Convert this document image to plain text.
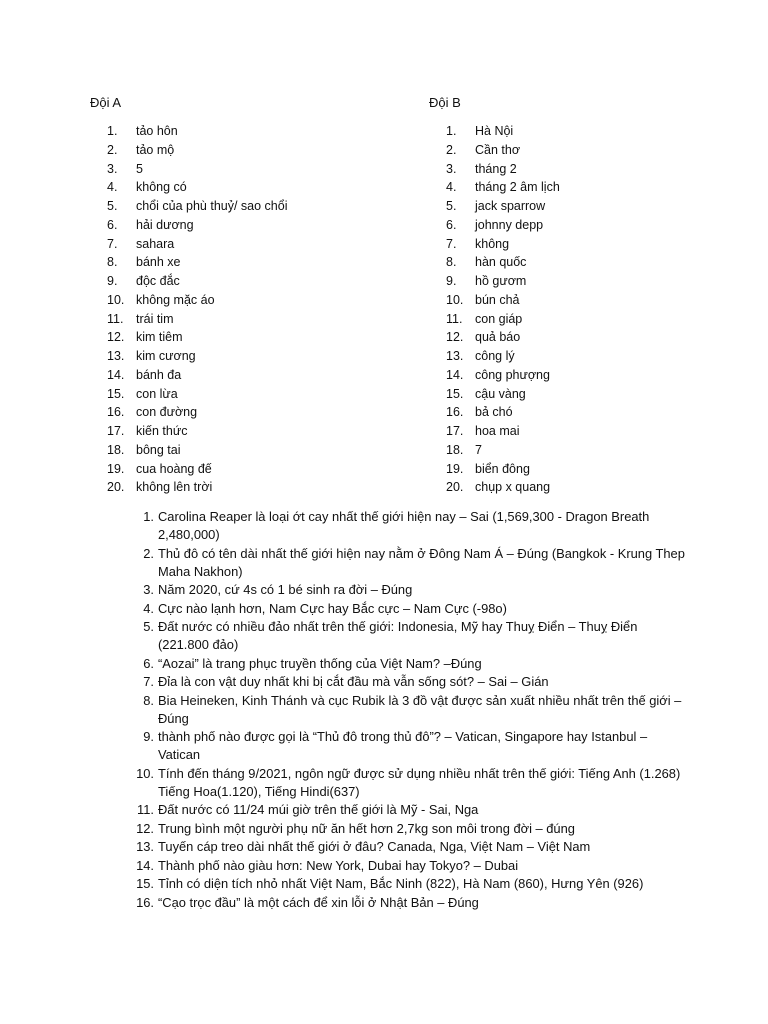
Đội A	Đội B
1. tảo hôn
2. tảo mộ
3. 5
4. không có
5. chổi của phù thuỷ/ sao chổi
6. hải dương
7. sahara
8. bánh xe
9. độc đắc
10. không mặc áo
11. trái tim
12. kim tiêm
13. kim cương
14. bánh đa
15. con lừa
16. con đường
17. kiến thức
18. bông tai
19. cua hoàng đế
20. không lên trời
1. Hà Nội
2. Cần thơ
3. tháng 2
4. tháng 2 âm lịch
5. jack sparrow
6. johnny depp
7. không
8. hàn quốc
9. hồ gươm
10. bún chả
11. con giáp
12. quả báo
13. công lý
14. công phượng
15. cậu vàng
16. bả chó
17. hoa mai
18. 7
19. biển đông
20. chụp x quang
1. Carolina Reaper là loại ớt cay nhất thế giới hiện nay – Sai (1,569,300 - Dragon Breath 2,480,000)
2. Thủ đô có tên dài nhất thế giới hiện nay nằm ở Đông Nam Á – Đúng (Bangkok - Krung Thep Maha Nakhon)
3. Năm 2020, cứ 4s có 1 bé sinh ra đời – Đúng
4. Cực nào lạnh hơn, Nam Cực hay Bắc cực – Nam Cực (-98o)
5. Đất nước có nhiều đảo nhất trên thế giới: Indonesia, Mỹ hay Thuỵ Điển – Thuỵ Điển (221.800 đảo)
6. “Aozai” là trang phục truyền thống của Việt Nam? –Đúng
7. Đỉa là con vật duy nhất khi bị cắt đầu mà vẫn sống sót? – Sai – Gián
8. Bia Heineken, Kinh Thánh và cục Rubik là 3 đồ vật được sản xuất nhiều nhất trên thế giới – Đúng
9. thành phố nào được gọi là “Thủ đô trong thủ đô”? – Vatican, Singapore hay Istanbul – Vatican
10. Tính đến tháng 9/2021, ngôn ngữ được sử dụng nhiều nhất trên thế giới: Tiếng Anh (1.268) Tiếng Hoa(1.120), Tiếng Hindi(637)
11. Đất nước có 11/24 múi giờ trên thế giới là Mỹ - Sai, Nga
12. Trung bình một người phụ nữ ăn hết hơn 2,7kg son môi trong đời – đúng
13. Tuyến cáp treo dài nhất thế giới ở đâu? Canada, Nga, Việt Nam – Việt Nam
14. Thành phố nào giàu hơn: New York, Dubai hay Tokyo? – Dubai
15. Tỉnh có diện tích nhỏ nhất Việt Nam, Bắc Ninh (822), Hà Nam (860), Hưng Yên (926)
16. “Cạo trọc đầu” là một cách để xin lỗi ở Nhật Bản – Đúng
